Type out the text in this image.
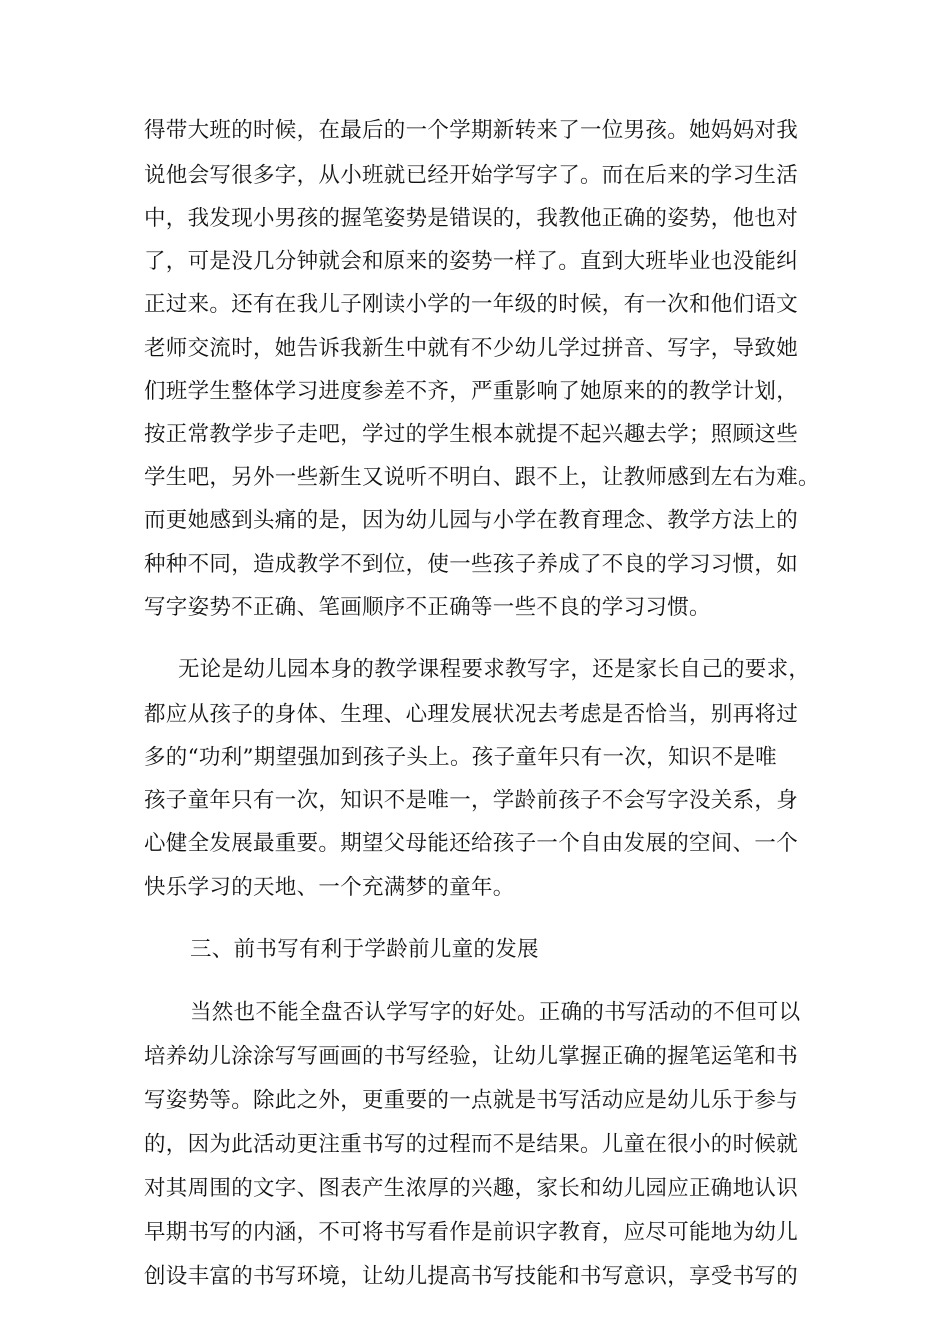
得带大班的时候，在最后的一个学期新转来了一位男孩。她妈妈对我
说他会写很多字，从小班就已经开始学写字了。而在后来的学习生活
中，我发现小男孩的握笔姿势是错误的，我教他正确的姿势，他也对
了，可是没几分钟就会和原来的姿势一样了。直到大班毕业也没能纠
正过来。还有在我儿子刚读小学的一年级的时候，有一次和他们语文
老师交流时，她告诉我新生中就有不少幼儿学过拼音、写字，导致她
们班学生整体学习进度参差不齐，严重影响了她原来的的教学计划，
按正常教学步子走吧，学过的学生根本就提不起兴趣去学；照顾这些
学生吧，另外一些新生又说听不明白、跟不上，让教师感到左右为难。
而更她感到头痛的是，因为幼儿园与小学在教育理念、教学方法上的
种种不同，造成教学不到位，使一些孩子养成了不良的学习习惯，如
写字姿势不正确、笔画顺序不正确等一些不良的学习习惯。
无论是幼儿园本身的教学课程要求教写字，还是家长自己的要求，
都应从孩子的身体、生理、心理发展状况去考虑是否恰当，别再将过
多的“功利”期望强加到孩子头上。孩子童年只有一次，知识不是唯
孩子童年只有一次，知识不是唯一，学龄前孩子不会写字没关系，身
心健全发展最重要。期望父母能还给孩子一个自由发展的空间、一个
快乐学习的天地、一个充满梦的童年。
三、前书写有利于学龄前儿童的发展
当然也不能全盘否认学写字的好处。正确的书写活动的不但可以
培养幼儿涂涂写写画画的书写经验，让幼儿掌握正确的握笔运笔和书
写姿势等。除此之外，更重要的一点就是书写活动应是幼儿乐于参与
的，因为此活动更注重书写的过程而不是结果。儿童在很小的时候就
对其周围的文字、图表产生浓厚的兴趣，家长和幼儿园应正确地认识
早期书写的内涵，不可将书写看作是前识字教育，应尽可能地为幼儿
创设丰富的书写环境，让幼儿提高书写技能和书写意识，享受书写的
